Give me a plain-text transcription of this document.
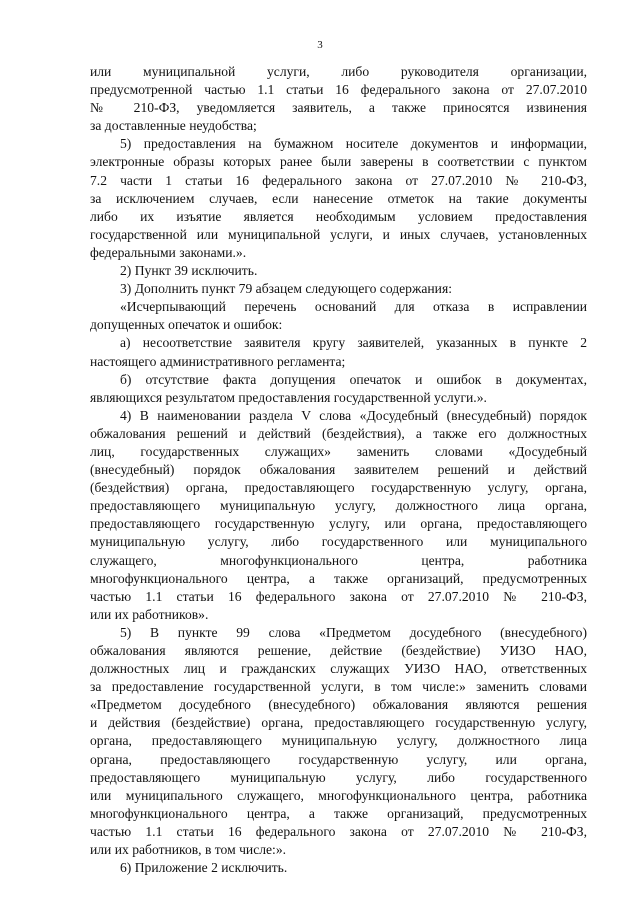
3
или муниципальной услуги, либо руководителя организации,
предусмотренной частью 1.1 статьи 16 федерального закона от 27.07.2010
№ 210-ФЗ, уведомляется заявитель, а также приносятся извинения
за доставленные неудобства;
5) предоставления на бумажном носителе документов и информации,
электронные образы которых ранее были заверены в соответствии с пунктом
7.2 части 1 статьи 16 федерального закона от 27.07.2010 № 210-ФЗ,
за исключением случаев, если нанесение отметок на такие документы
либо их изъятие является необходимым условием предоставления
государственной или муниципальной услуги, и иных случаев, установленных
федеральными законами.».
2) Пункт 39 исключить.
3) Дополнить пункт 79 абзацем следующего содержания:
«Исчерпывающий перечень оснований для отказа в исправлении
допущенных опечаток и ошибок:
а) несоответствие заявителя кругу заявителей, указанных в пункте 2
настоящего административного регламента;
б) отсутствие факта допущения опечаток и ошибок в документах,
являющихся результатом предоставления государственной услуги.».
4) В наименовании раздела V слова «Досудебный (внесудебный) порядок
обжалования решений и действий (бездействия), а также его должностных
лиц, государственных служащих» заменить словами «Досудебный
(внесудебный) порядок обжалования заявителем решений и действий
(бездействия) органа, предоставляющего государственную услугу, органа,
предоставляющего муниципальную услугу, должностного лица органа,
предоставляющего государственную услугу, или органа, предоставляющего
муниципальную услугу, либо государственного или муниципального
служащего, многофункционального центра, работника
многофункционального центра, а также организаций, предусмотренных
частью 1.1 статьи 16 федерального закона от 27.07.2010 № 210-ФЗ,
или их работников».
5) В пункте 99 слова «Предметом досудебного (внесудебного)
обжалования являются решение, действие (бездействие) УИЗО НАО,
должностных лиц и гражданских служащих УИЗО НАО, ответственных
за предоставление государственной услуги, в том числе:» заменить словами
«Предметом досудебного (внесудебного) обжалования являются решения
и действия (бездействие) органа, предоставляющего государственную услугу,
органа, предоставляющего муниципальную услугу, должностного лица
органа, предоставляющего государственную услугу, или органа,
предоставляющего муниципальную услугу, либо государственного
или муниципального служащего, многофункционального центра, работника
многофункционального центра, а также организаций, предусмотренных
частью 1.1 статьи 16 федерального закона от 27.07.2010 № 210-ФЗ,
или их работников, в том числе:».
6) Приложение 2 исключить.
